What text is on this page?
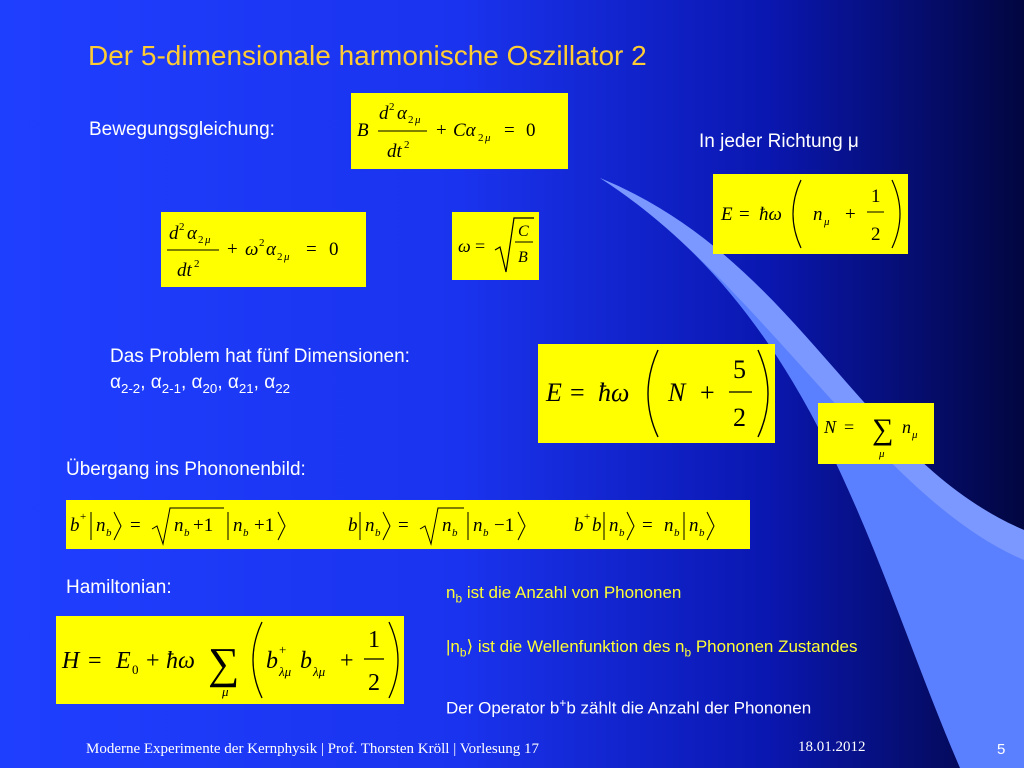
Der 5-dimensionale harmonische Oszillator 2
Bewegungsgleichung:
In jeder Richtung μ
Das Problem hat fünf Dimensionen:
$\alpha_{2-2}$, $\alpha_{2-1}$, $\alpha_{20}$, $\alpha_{21}$, $\alpha_{22}$
Übergang ins Phononenbild:
Hamiltonian:	$n_b$ ist die Anzahl von Phononen
$|n_b⟩$ ist die Wellenfunktion des $n_b$ Phononen Zustandes
Der Operator b+b zählt die Anzahl der Phononen
B
d 2 α 2 μ
dt 2
+ Cα 2 μ = 0
d 2 α 2 μ
dt 2
+ ω 2 α 2 μ = 0	ω =
C
B
E = ħω n μ +
1
2
E = ħω N +
5
2	N = ∑
μ
n μ
b + n b = n b +1 n b +1	b n b = n b n b −1	b + b n b = n b n b
H = E 0 + ħω ∑
μ
b +
λμ b λμ +
1
2
Moderne Experimente der Kernphysik | Prof. Thorsten Kröll | Vorlesung 17	18.01.2012	5
